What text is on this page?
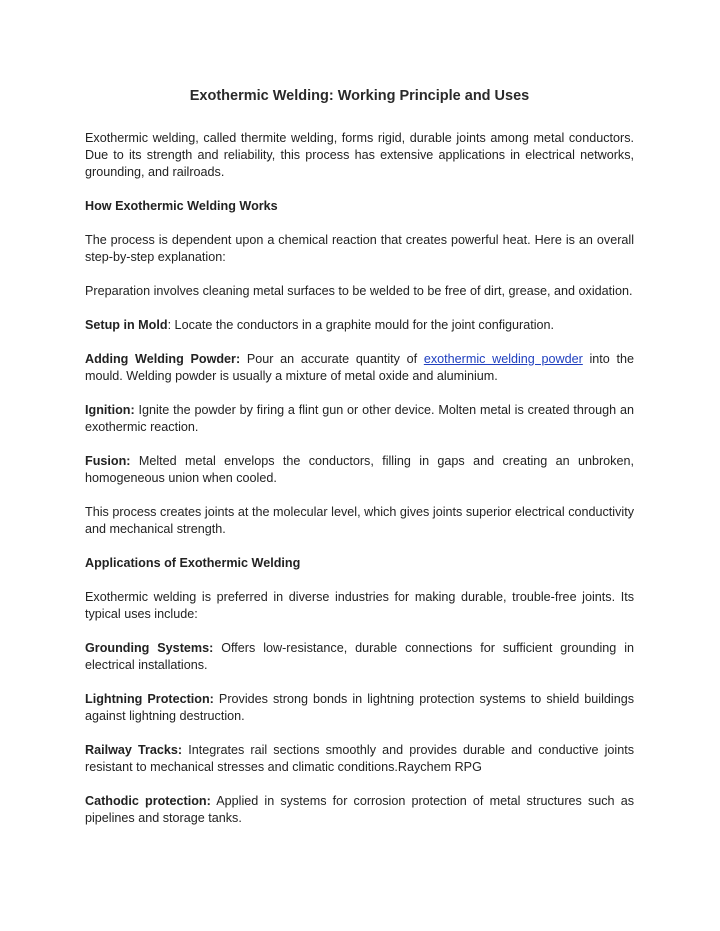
Exothermic Welding: Working Principle and Uses

Exothermic welding, called thermite welding, forms rigid, durable joints among metal conductors. Due to its strength and reliability, this process has extensive applications in electrical networks, grounding, and railroads.

How Exothermic Welding Works

The process is dependent upon a chemical reaction that creates powerful heat. Here is an overall step-by-step explanation:

Preparation involves cleaning metal surfaces to be welded to be free of dirt, grease, and oxidation.

Setup in Mold: Locate the conductors in a graphite mould for the joint configuration.

Adding Welding Powder: Pour an accurate quantity of exothermic welding powder into the mould. Welding powder is usually a mixture of metal oxide and aluminium.

Ignition: Ignite the powder by firing a flint gun or other device. Molten metal is created through an exothermic reaction.

Fusion: Melted metal envelops the conductors, filling in gaps and creating an unbroken, homogeneous union when cooled.

This process creates joints at the molecular level, which gives joints superior electrical conductivity and mechanical strength.

Applications of Exothermic Welding

Exothermic welding is preferred in diverse industries for making durable, trouble-free joints. Its typical uses include:

Grounding Systems: Offers low-resistance, durable connections for sufficient grounding in electrical installations.

Lightning Protection: Provides strong bonds in lightning protection systems to shield buildings against lightning destruction.

Railway Tracks: Integrates rail sections smoothly and provides durable and conductive joints resistant to mechanical stresses and climatic conditions.Raychem RPG

Cathodic protection: Applied in systems for corrosion protection of metal structures such as pipelines and storage tanks.
